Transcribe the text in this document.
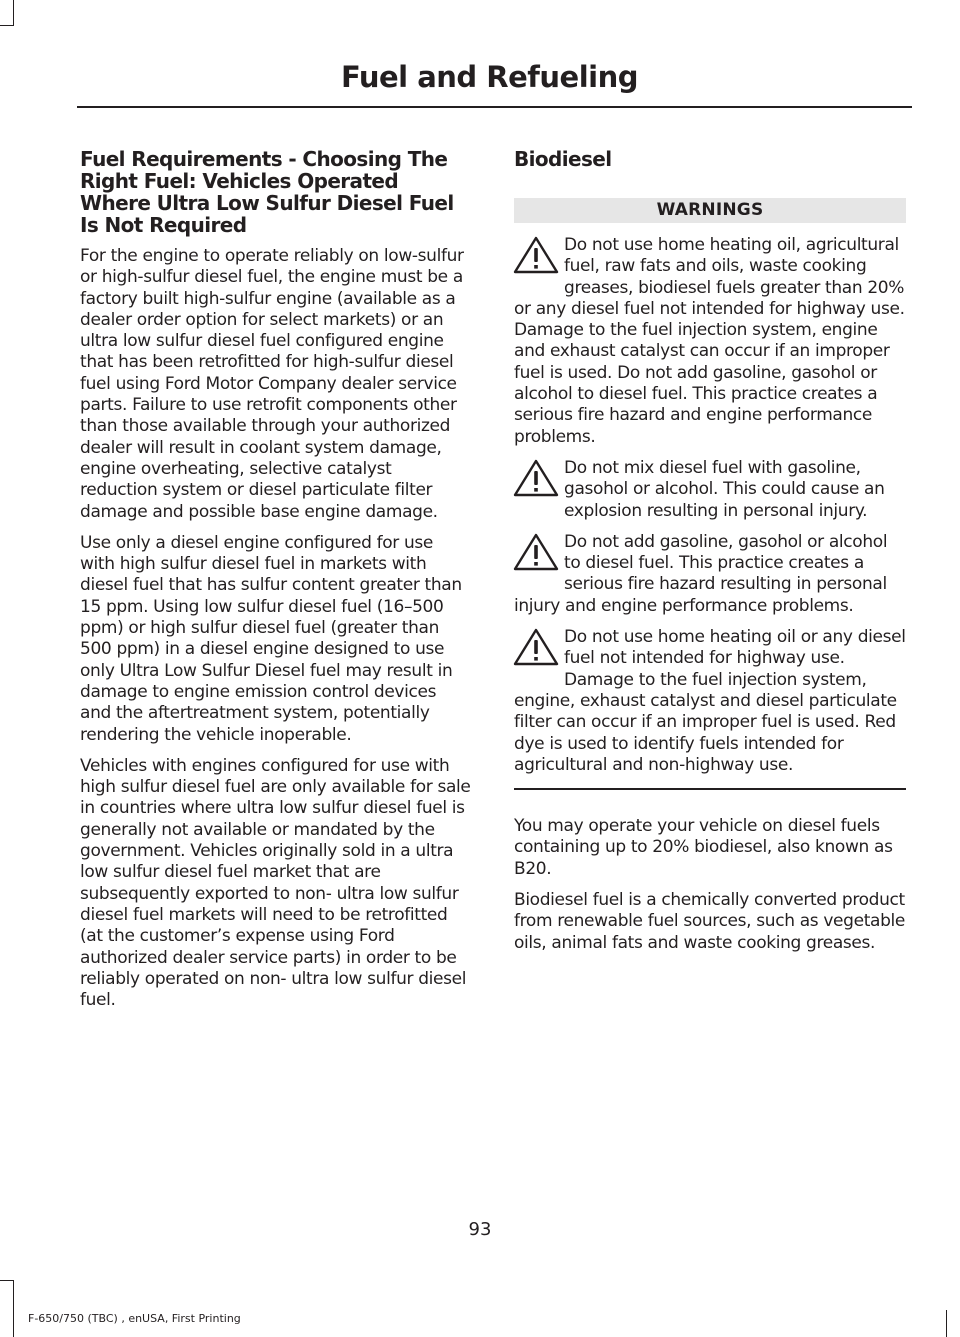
Fuel and Refueling
Fuel Requirements - Choosing The Right Fuel: Vehicles Operated Where Ultra Low Sulfur Diesel Fuel Is Not Required

For the engine to operate reliably on low-sulfur or high-sulfur diesel fuel, the engine must be a factory built high-sulfur engine (available as a dealer order option for select markets) or an ultra low sulfur diesel fuel configured engine that has been retrofitted for high-sulfur diesel fuel using Ford Motor Company dealer service parts. Failure to use retrofit components other than those available through your authorized dealer will result in coolant system damage, engine overheating, selective catalyst reduction system or diesel particulate filter damage and possible base engine damage.

Use only a diesel engine configured for use with high sulfur diesel fuel in markets with diesel fuel that has sulfur content greater than 15 ppm. Using low sulfur diesel fuel (16–500 ppm) or high sulfur diesel fuel (greater than 500 ppm) in a diesel engine designed to use only Ultra Low Sulfur Diesel fuel may result in damage to engine emission control devices and the aftertreatment system, potentially rendering the vehicle inoperable.

Vehicles with engines configured for use with high sulfur diesel fuel are only available for sale in countries where ultra low sulfur diesel fuel is generally not available or mandated by the government. Vehicles originally sold in a ultra low sulfur diesel fuel market that are subsequently exported to non- ultra low sulfur diesel fuel markets will need to be retrofitted (at the customer’s expense using Ford authorized dealer service parts) in order to be reliably operated on non- ultra low sulfur diesel fuel.

Biodiesel
WARNINGS

Do not use home heating oil, agricultural fuel, raw fats and oils, waste cooking greases, biodiesel fuels greater than 20% or any diesel fuel not intended for highway use. Damage to the fuel injection system, engine and exhaust catalyst can occur if an improper fuel is used. Do not add gasoline, gasohol or alcohol to diesel fuel. This practice creates a serious fire hazard and engine performance problems.

Do not mix diesel fuel with gasoline, gasohol or alcohol. This could cause an explosion resulting in personal injury.

Do not add gasoline, gasohol or alcohol to diesel fuel. This practice creates a serious fire hazard resulting in personal injury and engine performance problems.

Do not use home heating oil or any diesel fuel not intended for highway use. Damage to the fuel injection system, engine, exhaust catalyst and diesel particulate filter can occur if an improper fuel is used. Red dye is used to identify fuels intended for agricultural and non-highway use.

You may operate your vehicle on diesel fuels containing up to 20% biodiesel, also known as B20.

Biodiesel fuel is a chemically converted product from renewable fuel sources, such as vegetable oils, animal fats and waste cooking greases.

93
F-650/750 (TBC) , enUSA, First Printing
